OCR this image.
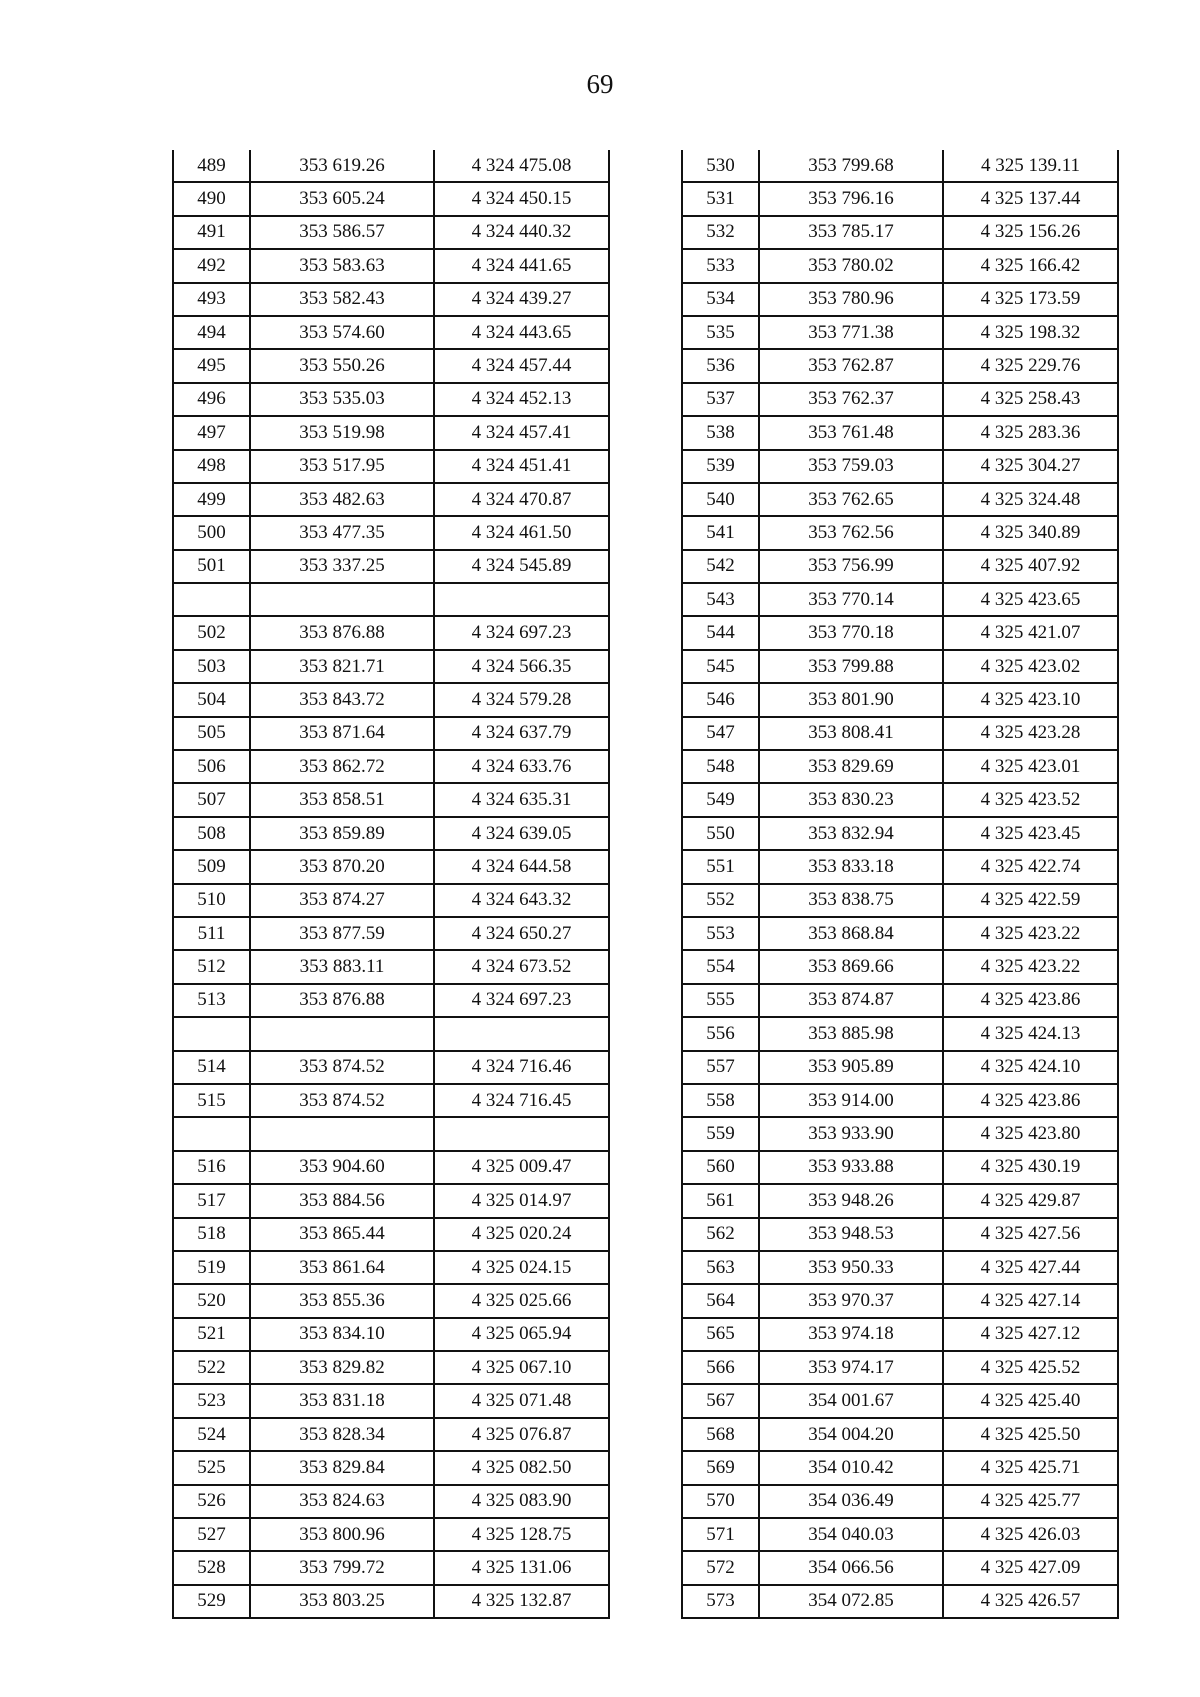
69
489	353 619.26	4 324 475.08
490	353 605.24	4 324 450.15
491	353 586.57	4 324 440.32
492	353 583.63	4 324 441.65
493	353 582.43	4 324 439.27
494	353 574.60	4 324 443.65
495	353 550.26	4 324 457.44
496	353 535.03	4 324 452.13
497	353 519.98	4 324 457.41
498	353 517.95	4 324 451.41
499	353 482.63	4 324 470.87
500	353 477.35	4 324 461.50
501	353 337.25	4 324 545.89

502	353 876.88	4 324 697.23
503	353 821.71	4 324 566.35
504	353 843.72	4 324 579.28
505	353 871.64	4 324 637.79
506	353 862.72	4 324 633.76
507	353 858.51	4 324 635.31
508	353 859.89	4 324 639.05
509	353 870.20	4 324 644.58
510	353 874.27	4 324 643.32
511	353 877.59	4 324 650.27
512	353 883.11	4 324 673.52
513	353 876.88	4 324 697.23

514	353 874.52	4 324 716.46
515	353 874.52	4 324 716.45

516	353 904.60	4 325 009.47
517	353 884.56	4 325 014.97
518	353 865.44	4 325 020.24
519	353 861.64	4 325 024.15
520	353 855.36	4 325 025.66
521	353 834.10	4 325 065.94
522	353 829.82	4 325 067.10
523	353 831.18	4 325 071.48
524	353 828.34	4 325 076.87
525	353 829.84	4 325 082.50
526	353 824.63	4 325 083.90
527	353 800.96	4 325 128.75
528	353 799.72	4 325 131.06
529	353 803.25	4 325 132.87
530	353 799.68	4 325 139.11
531	353 796.16	4 325 137.44
532	353 785.17	4 325 156.26
533	353 780.02	4 325 166.42
534	353 780.96	4 325 173.59
535	353 771.38	4 325 198.32
536	353 762.87	4 325 229.76
537	353 762.37	4 325 258.43
538	353 761.48	4 325 283.36
539	353 759.03	4 325 304.27
540	353 762.65	4 325 324.48
541	353 762.56	4 325 340.89
542	353 756.99	4 325 407.92
543	353 770.14	4 325 423.65
544	353 770.18	4 325 421.07
545	353 799.88	4 325 423.02
546	353 801.90	4 325 423.10
547	353 808.41	4 325 423.28
548	353 829.69	4 325 423.01
549	353 830.23	4 325 423.52
550	353 832.94	4 325 423.45
551	353 833.18	4 325 422.74
552	353 838.75	4 325 422.59
553	353 868.84	4 325 423.22
554	353 869.66	4 325 423.22
555	353 874.87	4 325 423.86
556	353 885.98	4 325 424.13
557	353 905.89	4 325 424.10
558	353 914.00	4 325 423.86
559	353 933.90	4 325 423.80
560	353 933.88	4 325 430.19
561	353 948.26	4 325 429.87
562	353 948.53	4 325 427.56
563	353 950.33	4 325 427.44
564	353 970.37	4 325 427.14
565	353 974.18	4 325 427.12
566	353 974.17	4 325 425.52
567	354 001.67	4 325 425.40
568	354 004.20	4 325 425.50
569	354 010.42	4 325 425.71
570	354 036.49	4 325 425.77
571	354 040.03	4 325 426.03
572	354 066.56	4 325 427.09
573	354 072.85	4 325 426.57
